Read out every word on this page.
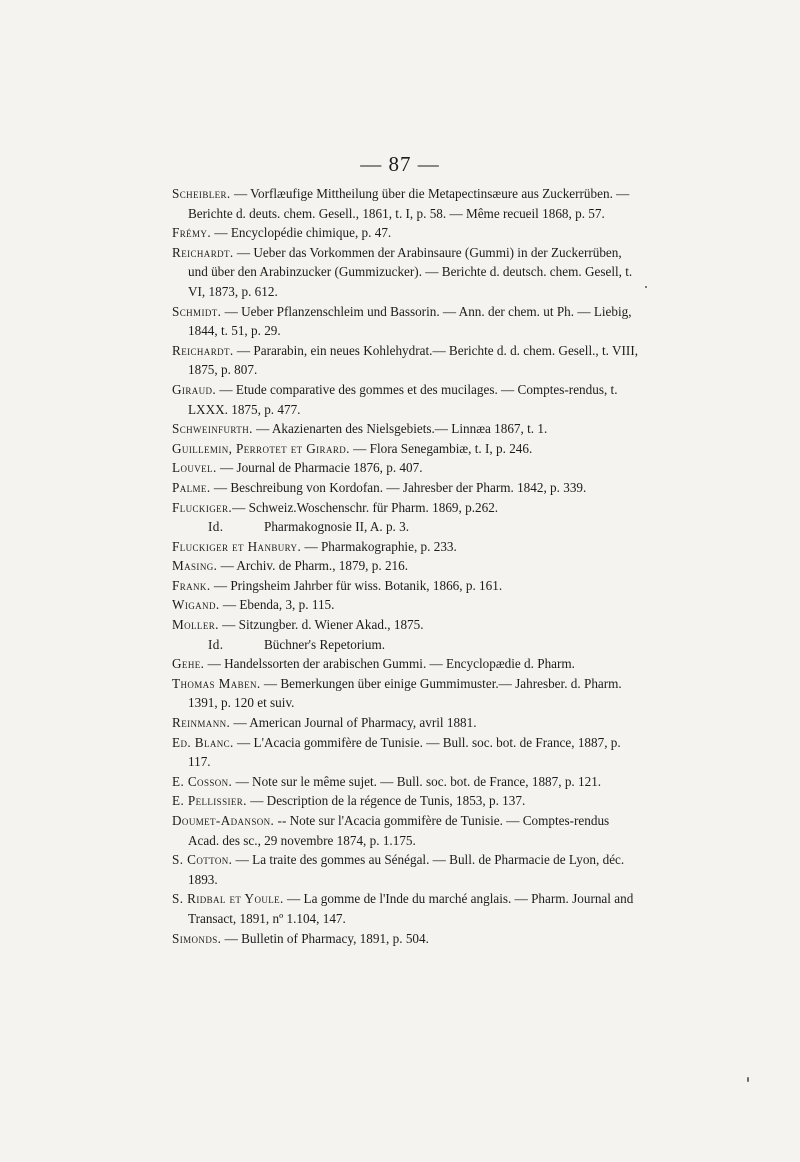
— 87 —
Scheibler. — Vorflæufige Mittheilung über die Metapectinsæure aus Zuckerrüben. — Berichte d. deuts. chem. Gesell., 1861, t. I, p. 58. — Même recueil 1868, p. 57.
Frémy. — Encyclopédie chimique, p. 47.
Reichardt. — Ueber das Vorkommen der Arabinsaure (Gummi) in der Zuckerrüben, und über den Arabinzucker (Gummizucker). — Berichte d. deutsch. chem. Gesell, t. VI, 1873, p. 612.
Schmidt. — Ueber Pflanzenschleim und Bassorin. — Ann. der chem. ut Ph. — Liebig, 1844, t. 51, p. 29.
Reichardt. — Pararabin, ein neues Kohlehydrat.— Berichte d. d. chem. Gesell., t. VIII, 1875, p. 807.
Giraud. — Etude comparative des gommes et des mucilages. — Comptes-rendus, t. LXXX. 1875, p. 477.
Schweinfurth. — Akazienarten des Nielsgebiets.— Linnæa 1867, t. 1.
Guillemin, Perrotet et Girard. — Flora Senegambiæ, t. I, p. 246.
Louvel. — Journal de Pharmacie 1876, p. 407.
Palme. — Beschreibung von Kordofan. — Jahresber der Pharm. 1842, p. 339.
Fluckiger.— Schweiz.Woschenschr. für Pharm. 1869, p.262.
Id.	Pharmakognosie II, A. p. 3.
Fluckiger et Hanbury. — Pharmakographie, p. 233.
Masing. — Archiv. de Pharm., 1879, p. 216.
Frank. — Pringsheim Jahrber für wiss. Botanik, 1866, p. 161.
Wigand. — Ebenda, 3, p. 115.
Moller. — Sitzungber. d. Wiener Akad., 1875.
Id.	Büchner's Repetorium.
Gehe. — Handelssorten der arabischen Gummi. — Encyclopædie d. Pharm.
Thomas Maben. — Bemerkungen über einige Gummimuster.— Jahresber. d. Pharm. 1391, p. 120 et suiv.
Reinmann. — American Journal of Pharmacy, avril 1881.
Ed. Blanc. — L'Acacia gommifère de Tunisie. — Bull. soc. bot. de France, 1887, p. 117.
E. Cosson. — Note sur le même sujet. — Bull. soc. bot. de France, 1887, p. 121.
E. Pellissier. — Description de la régence de Tunis, 1853, p. 137.
Doumet-Adanson. -- Note sur l'Acacia gommifère de Tunisie. — Comptes-rendus Acad. des sc., 29 novembre 1874, p. 1.175.
S. Cotton. — La traite des gommes au Sénégal. — Bull. de Pharmacie de Lyon, déc. 1893.
S. Ridbal et Youle. — La gomme de l'Inde du marché anglais. — Pharm. Journal and Transact, 1891, nº 1.104, 147.
Simonds. — Bulletin of Pharmacy, 1891, p. 504.
